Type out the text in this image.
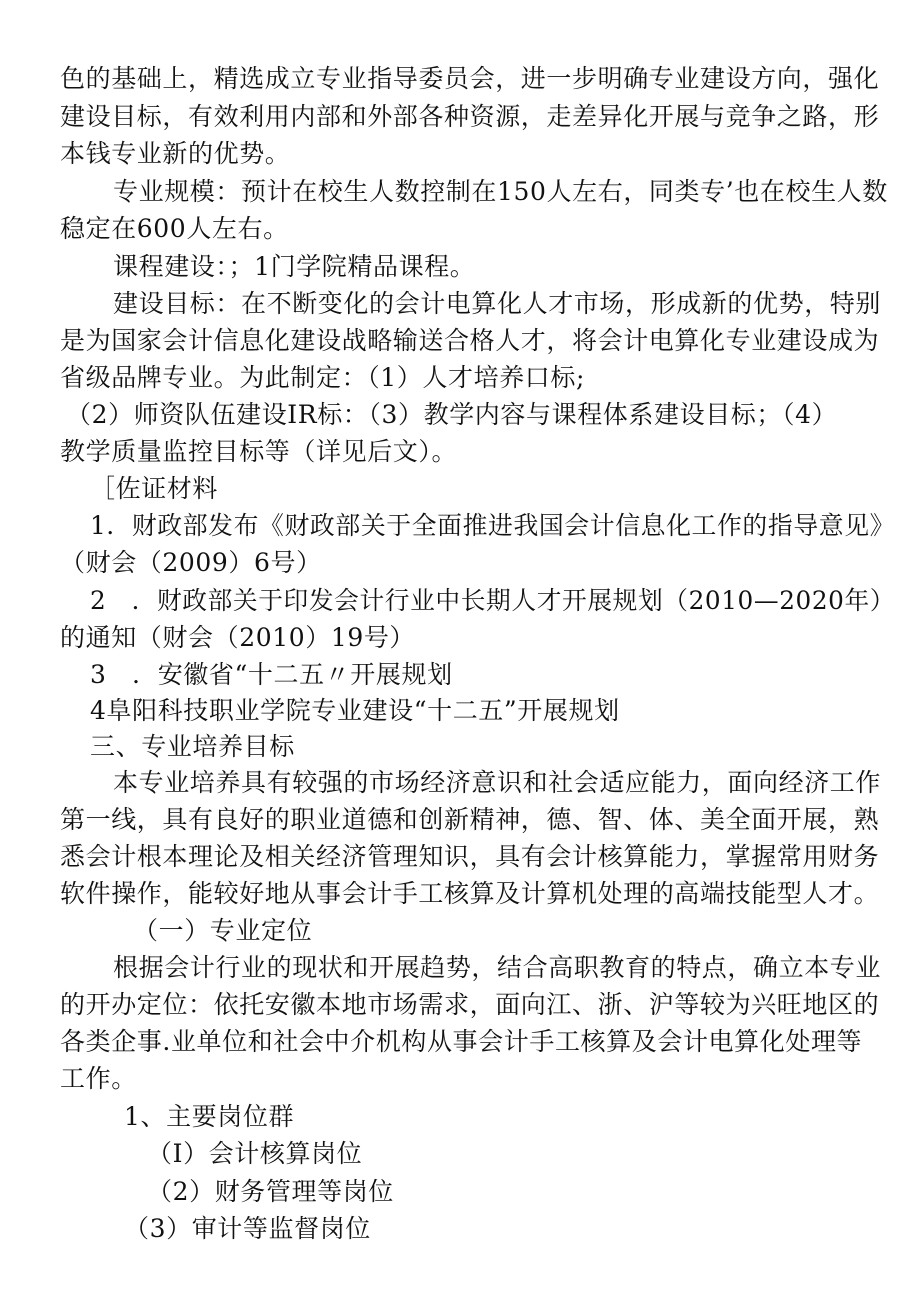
色的基础上，精选成立专业指导委员会，进一步明确专业建设方向，强化
建设目标，有效利用内部和外部各种资源，走差异化开展与竞争之路，形
本钱专业新的优势。
专业规模：预计在校生人数控制在150人左右，同类专’也在校生人数
稳定在600人左右。
课程建设：；1门学院精品课程。
建设目标：在不断变化的会计电算化人才市场，形成新的优势，特别
是为国家会计信息化建设战略输送合格人才，将会计电算化专业建设成为
省级品牌专业。为此制定：（1）人才培养口标;
（2）师资队伍建设IR标：（3）教学内容与课程体系建设目标；（4）
教学质量监控目标等（详见后文）。
［佐证材料
1．财政部发布《财政部关于全面推进我国会计信息化工作的指导意见》
（财会（2009）6号）
2　．财政部关于印发会计行业中长期人才开展规划（2010—2020年）
的通知（财会（2010）19号）
3　．安徽省“十二五〃开展规划
4阜阳科技职业学院专业建设“十二五”开展规划
三、专业培养目标
本专业培养具有较强的市场经济意识和社会适应能力，面向经济工作
第一线，具有良好的职业道德和创新精神，德、智、体、美全面开展，熟
悉会计根本理论及相关经济管理知识，具有会计核算能力，掌握常用财务
软件操作，能较好地从事会计手工核算及计算机处理的高端技能型人才。
（一）专业定位
根据会计行业的现状和开展趋势，结合高职教育的特点，确立本专业
的开办定位：依托安徽本地市场需求，面向江、浙、沪等较为兴旺地区的
各类企事.业单位和社会中介机构从事会计手工核算及会计电算化处理等
工作。
1、主要岗位群
（I）会计核算岗位
（2）财务管理等岗位
（3）审计等监督岗位
